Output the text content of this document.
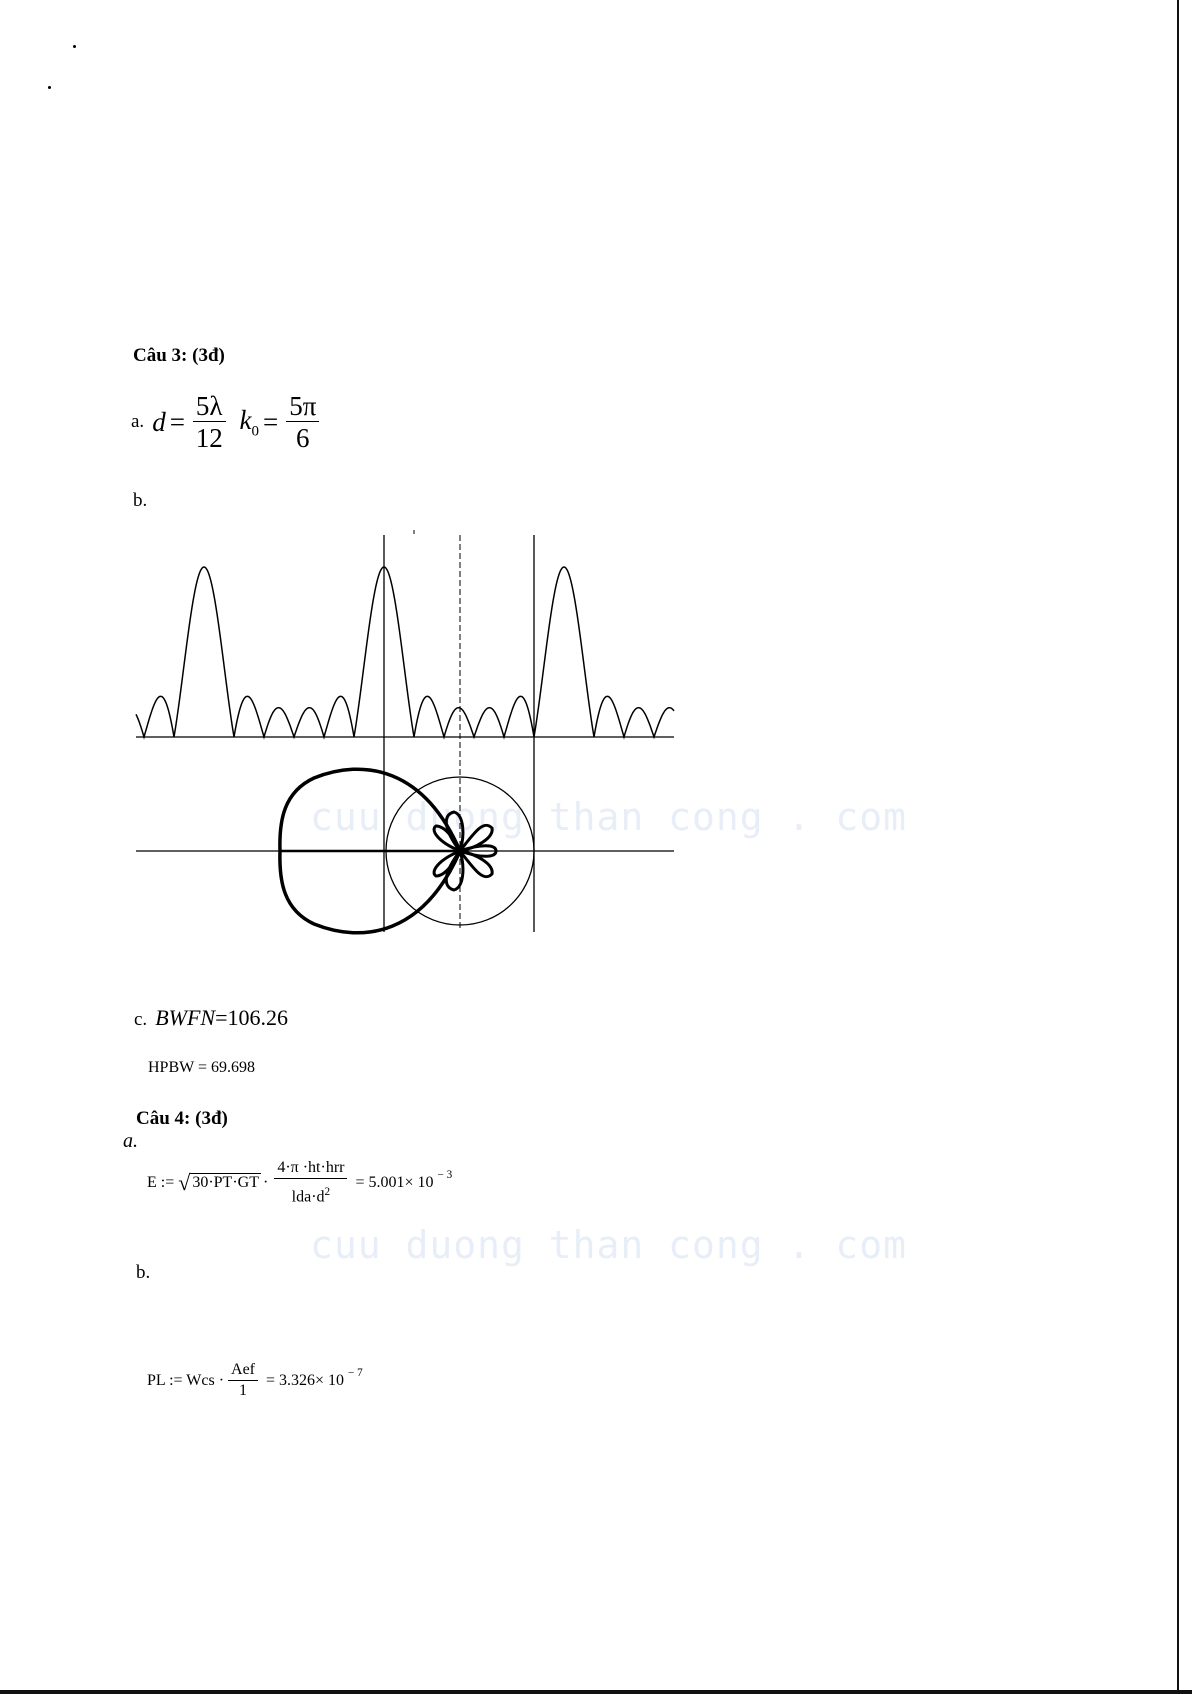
cuu duong than cong . com
cuu duong than cong . com
Câu 3: (3đ)
a. $d = \frac{5\lambda}{12} k_0 = \frac{5\pi}{6}$
b.
c. BWFN =106.26
HPBW = 69.698
Câu 4: (3đ)
a.
E := √ $30\cdot PT\cdot GT \cdot \frac{\text{4·π ·ht·hrr}}{lda\cdot d^2} = 5.001\times 10$ $^{- 3}$
b.
PL := Wcs · $\frac{\text{Aef}}{1} = 3.326\times 10$ $^{- 7}$
